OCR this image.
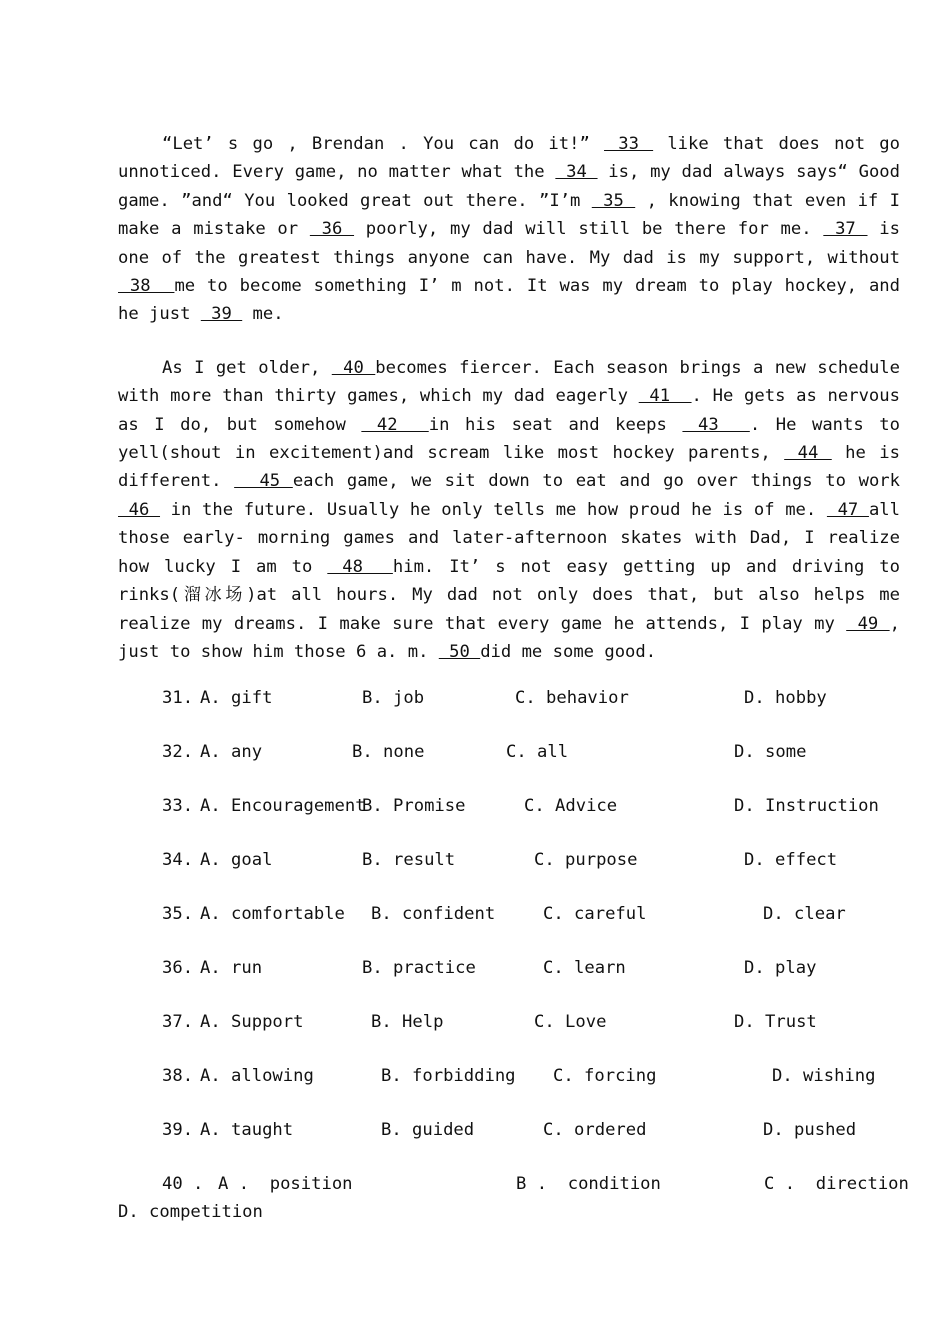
“Let’ s go , Brendan . You can do it!”  33  like that does not go unnoticed. Every game, no matter what the  34  is, my dad always says“ Good game. ”and“ You looked great out there. ”I’m  35  , knowing that even if I make a mistake or  36  poorly, my dad will still be there for me.  37  is one of the greatest things anyone can have. My dad is my support, without  38  me to become something I’ m not. It was my dream to play hockey, and he just  39  me.

As I get older,  40 becomes fiercer. Each season brings a new schedule with more than thirty games, which my dad eagerly  41  . He gets as nervous as I do, but somehow  42  in his seat and keeps  43  . He wants to yell(shout in excitement)and scream like most hockey parents,  44  he is different.   45 each game, we sit down to eat and go over things to work 46  in the future. Usually he only tells me how proud he is of me.  47 all those early- morning games and later-afternoon skates with Dad, I realize how lucky I am to  48  him. It’ s not easy getting up and driving to rinks(溜冰场)at all hours. My dad not only does that, but also helps me realize my dreams. I make sure that every game he attends, I play my  49 , just to show him those 6 a. m.  50 did me some good.

31. A. gift	B. job	C. behavior	D. hobby
32. A. any	B. none	C. all	D. some
33. A. Encouragement
B. Promise	C. Advice	D. Instruction
34. A. goal	B. result	C. purpose	D. effect
35. A. comfortable B. confident	C. careful	D. clear
36. A. run	B. practice	C. learn	D. play
37. A. Support	B. Help	C. Love	D. Trust
38. A. allowing	B. forbidding C. forcing	D. wishing
39. A. taught	B. guided	C. ordered	D. pushed
40 . A .  position	B .  condition	C .  direction
D. competition
